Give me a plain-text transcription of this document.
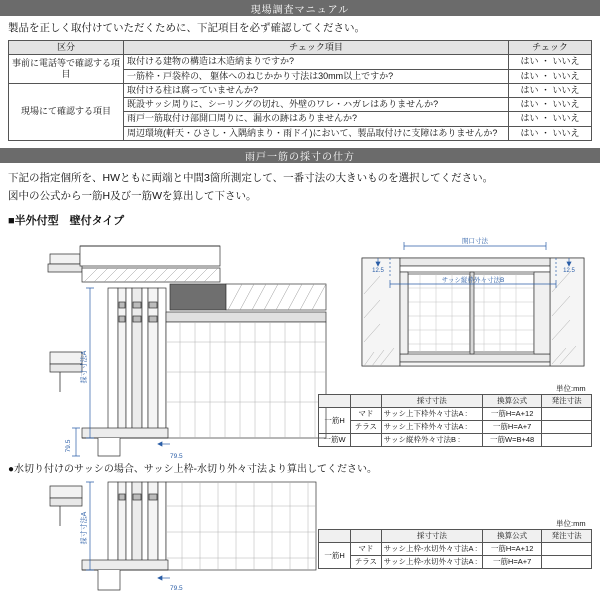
現場調査マニュアル
製品を正しく取付けていただくために、下記項目を必ず確認してください。
区分	チェック項目	チェック
事前に電話等で確認する項目	取付ける建物の構造は木造納まりですか?	はい ・ いいえ
	一筋枠・戸袋枠の、 躯体へのねじかかり寸法は30mm以上ですか?	はい ・ いいえ
現場にて確認する項目	取付ける柱は腐っていませんか?	はい ・ いいえ
	既設サッシ周りに、シーリングの切れ、外壁のワレ・ハガレはありませんか?	はい ・ いいえ
	雨戸一筋取付け部開口周りに、漏水の跡はありませんか?	はい ・ いいえ
	周辺環境(軒天・ひさし・入隅納まり・雨ドイ)において、製品取付けに支障はありませんか?	はい ・ いいえ
雨戸一筋の採寸の仕方
下記の指定個所を、HWともに両端と中間3箇所測定して、一番寸法の大きいものを選択してください。
図中の公式から一筋H及び一筋Wを算出して下さい。
■半外付型　壁付タイプ
採寸寸法A
79.5
79.5
開口寸法
サッシ縦枠外々寸法B
12.5	12.5
単位:mm
		採寸寸法	換算公式	発注寸法
一筋H	マド	サッシ上下枠外々寸法A :	一筋H=A+12	
	テラス	サッシ上下枠外々寸法A :	一筋H=A+7	
一筋W		サッシ縦枠外々寸法B :	一筋W=B+48	
●水切り付けのサッシの場合、サッシ上枠-水切り外々寸法より算出してください。
採寸寸法A
79.5
単位:mm
		採寸寸法	換算公式	発注寸法
一筋H	マド	サッシ上枠-水切外々寸法A :	一筋H=A+12	
	テラス	サッシ上枠-水切外々寸法A :	一筋H=A+7	
